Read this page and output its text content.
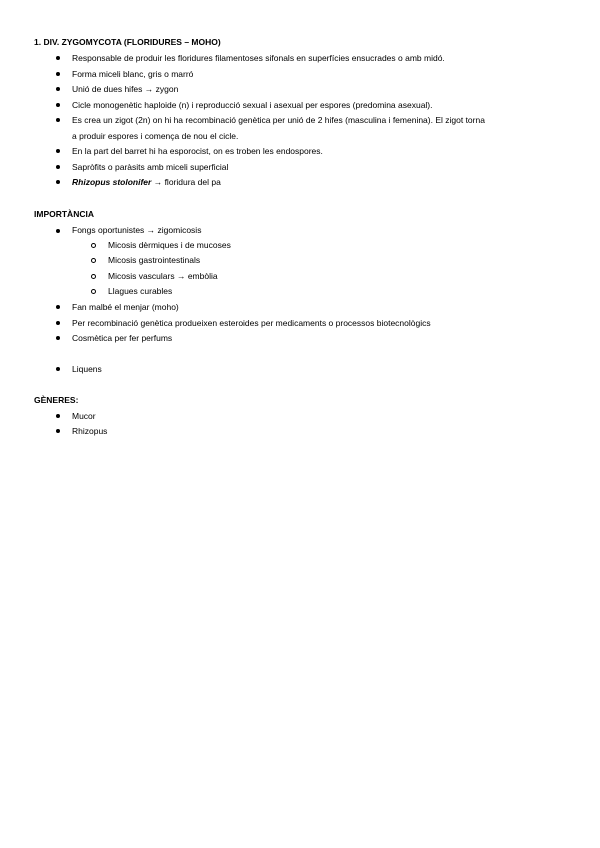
1. DIV. ZYGOMYCOTA (FLORIDURES – MOHO)
Responsable de produir les floridures filamentoses sifonals en superfícies ensucrades o amb midó.
Forma miceli blanc, gris o marró
Unió de dues hifes → zygon
Cicle monogenètic haploide (n) i reproducció sexual i asexual per espores (predomina asexual).
Es crea un zigot (2n) on hi ha recombinació genètica per unió de 2 hifes (masculina i femenina). El zigot torna
a produir espores i comença de nou el cicle.
En la part del barret hi ha esporocist, on es troben les endospores.
Sapròfits o paràsits amb miceli superficial
Rhizopus stolonifer → floridura del pa
IMPORTÀNCIA
Fongs oportunistes → zigomicosis
Micosis dèrmiques i de mucoses
Micosis gastrointestinals
Micosis vasculars → embòlia
Llagues curables
Fan malbé el menjar (moho)
Per recombinació genètica produeixen esteroides per medicaments o processos biotecnològics
Cosmètica per fer perfums
Liquens
GÈNERES:
Mucor
Rhizopus
